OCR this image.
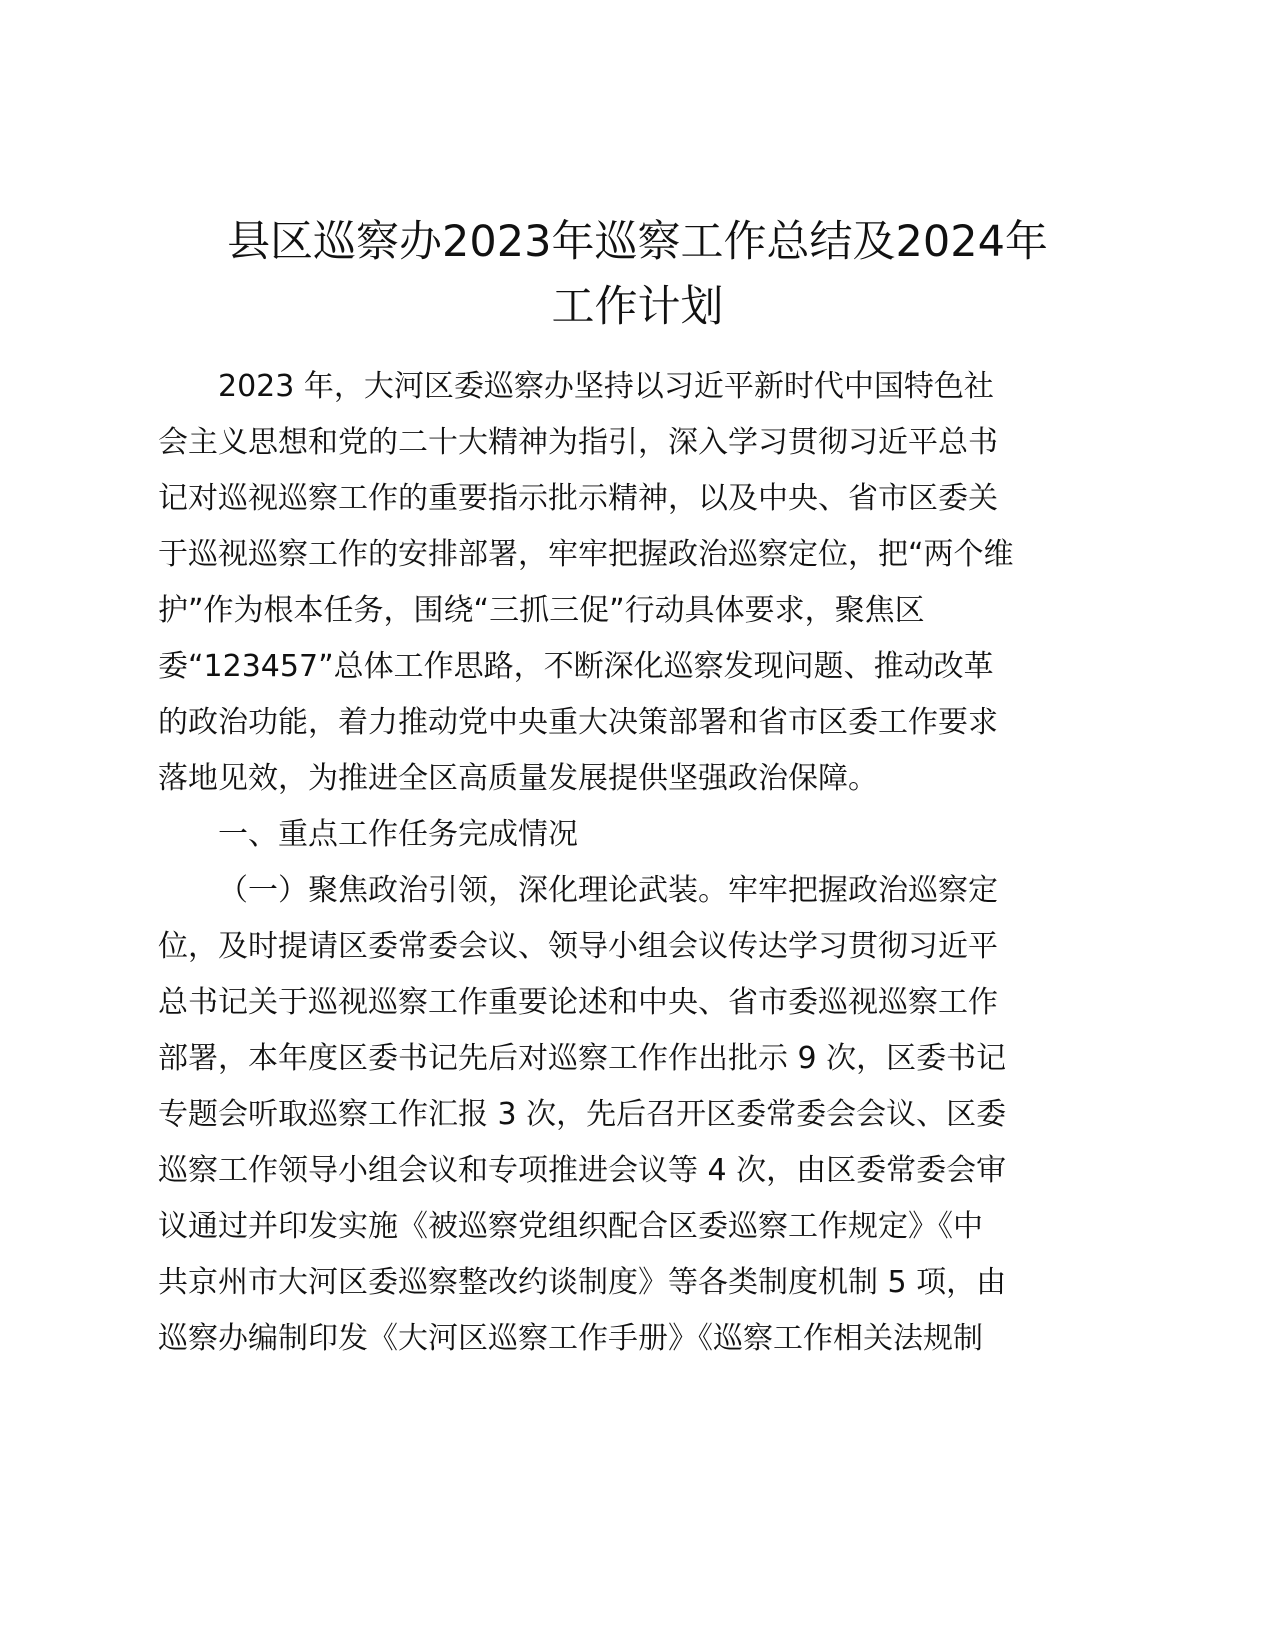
县区巡察办2023年巡察工作总结及2024年
工作计划
2023 年，大河区委巡察办坚持以习近平新时代中国特色社
会主义思想和党的二十大精神为指引，深入学习贯彻习近平总书
记对巡视巡察工作的重要指示批示精神，以及中央、省市区委关
于巡视巡察工作的安排部署，牢牢把握政治巡察定位，把“两个维
护”作为根本任务，围绕“三抓三促”行动具体要求，聚焦区
委“123457”总体工作思路，不断深化巡察发现问题、推动改革
的政治功能，着力推动党中央重大决策部署和省市区委工作要求
落地见效，为推进全区高质量发展提供坚强政治保障。
一、重点工作任务完成情况
（一）聚焦政治引领，深化理论武装。牢牢把握政治巡察定
位，及时提请区委常委会议、领导小组会议传达学习贯彻习近平
总书记关于巡视巡察工作重要论述和中央、省市委巡视巡察工作
部署，本年度区委书记先后对巡察工作作出批示 9 次，区委书记
专题会听取巡察工作汇报 3 次，先后召开区委常委会会议、区委
巡察工作领导小组会议和专项推进会议等 4 次，由区委常委会审
议通过并印发实施《被巡察党组织配合区委巡察工作规定》《中
共京州市大河区委巡察整改约谈制度》等各类制度机制 5 项，由
巡察办编制印发《大河区巡察工作手册》《巡察工作相关法规制
